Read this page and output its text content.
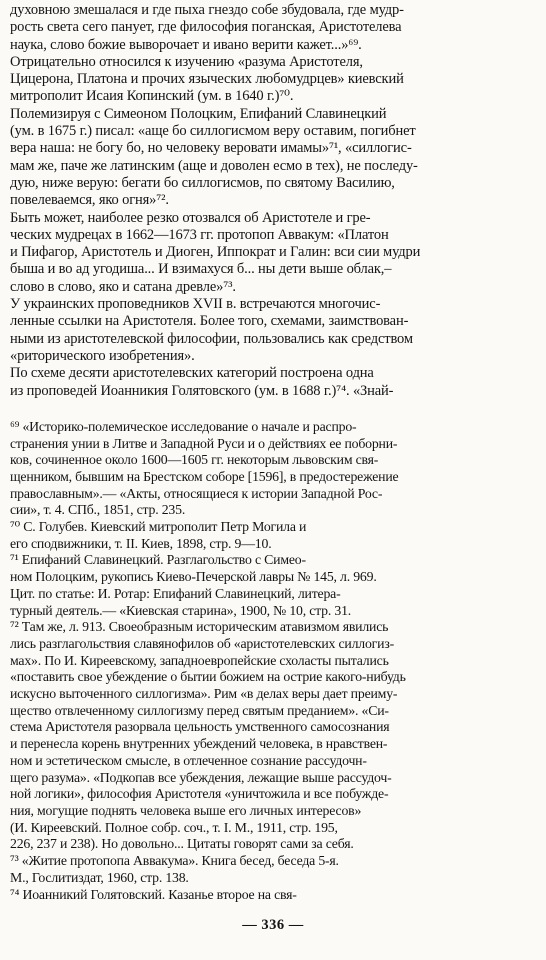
духовною змешалася и где пыха гнездо собе збудовала, где мудр-
рость света сего панует, где философия поганская, Аристотелева
наука, слово божие выворочает и ивано верити кажет...»⁶⁹.
Отрицательно относился к изучению «разума Аристотеля,
Цицерона, Платона и прочих языческих любомудрцев» киевский
митрополит Исаия Копинский (ум. в 1640 г.)⁷⁰.
Полемизируя с Симеоном Полоцким, Епифаний Славинецкий
(ум. в 1675 г.) писал: «аще бо силлогисмом веру оставим, погибнет
вера наша: не богу бо, но человеку веровати имамы»⁷¹, «силлогис-
мам же, паче же латинским (аще и доволен есмо в тех), не последу-
дую, ниже верую: бегати бо силлогисмов, по святому Василию,
повелеваемся, яко огня»⁷².
Быть может, наиболее резко отозвался об Аристотеле и гре-
ческих мудрецах в 1662—1673 гг. протопоп Аввакум: «Платон
и Пифагор, Аристотель и Диоген, Иппократ и Галин: вси сии мудри
быша и во ад угодиша... И взимахуся б... ны дети выше облак,–
слово в слово, яко и сатана древле»⁷³.
У украинских проповедников XVII в. встречаются многочис-
ленные ссылки на Аристотеля. Более того, схемами, заимствован-
ными из аристотелевской философии, пользовались как средством
«риторического изобретения».
По схеме десяти аристотелевских категорий построена одна
из проповедей Иоанникия Голятовского (ум. в 1688 г.)⁷⁴. «Знай-
⁶⁹ «Историко-полемическое исследование о начале и распро-
странения унии в Литве и Западной Руси и о действиях ее поборни-
ков, сочиненное около 1600—1605 гг. некоторым львовским свя-
щенником, бывшим на Брестском соборе [1596], в предостережение
православным».— «Акты, относящиеся к истории Западной Рос-
сии», т. 4. СПб., 1851, стр. 235.
⁷⁰ С. Голубев. Киевский митрополит Петр Могила и
его сподвижники, т. II. Киев, 1898, стр. 9—10.
⁷¹ Епифаний Славинецкий. Разглагольство с Симео-
ном Полоцким, рукопись Киево-Печерской лавры № 145, л. 969.
Цит. по статье: И. Ротар: Епифаний Славинецкий, литера-
турный деятель.— «Киевская старина», 1900, № 10, стр. 31.
⁷² Там же, л. 913. Своеобразным историческим атавизмом явились
лись разглагольствия славянофилов об «аристотелевских силлогиз-
мах». По И. Киреевскому, западноевропейские схоласты пытались
«поставить свое убеждение о бытии божием на острие какого-нибудь
искусно выточенного силлогизма». Рим «в делах веры дает преиму-
щество отвлеченному силлогизму перед святым преданием». «Си-
стема Аристотеля разорвала цельность умственного самосознания
и перенесла корень внутренних убеждений человека, в нравствен-
ном и эстетическом смысле, в отлеченное сознание рассудочн-
щего разума». «Подкопав все убеждения, лежащие выше рассудоч-
ной логики», философия Аристотеля «уничтожила и все побужде-
ния, могущие поднять человека выше его личных интересов»
(И. Киреевский. Полное собр. соч., т. I. М., 1911, стр. 195,
226, 237 и 238). Но довольно... Цитаты говорят сами за себя.
⁷³ «Житие протопопа Аввакума». Книга бесед, беседа 5-я.
М., Гослитиздат, 1960, стр. 138.
⁷⁴ Иоанникий Голятовский. Казанье второе на свя-
— 336 —
